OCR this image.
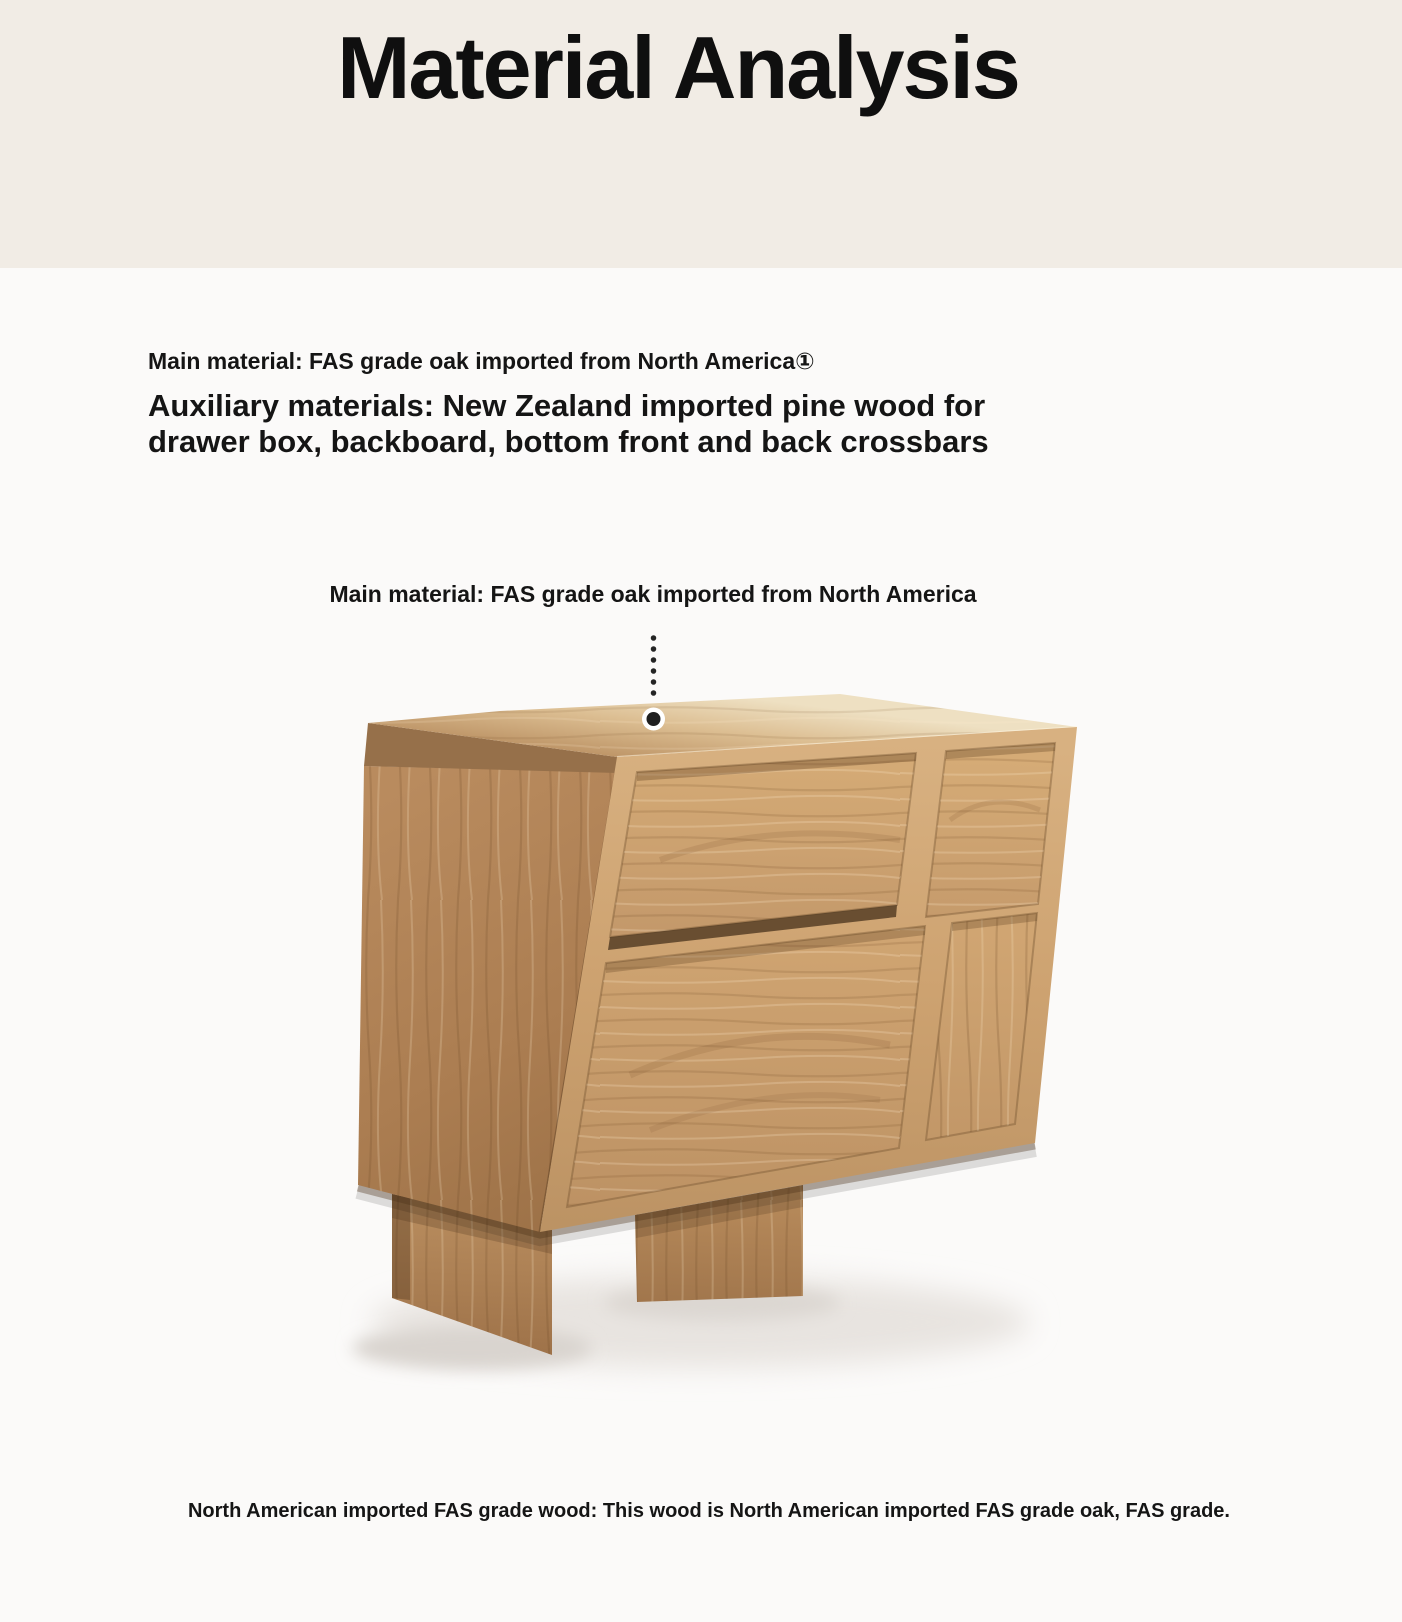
Material Analysis
Main material: FAS grade oak imported from North America①
Auxiliary materials: New Zealand imported pine wood for
drawer box, backboard, bottom front and back crossbars
Main material: FAS grade oak imported from North America
North American imported FAS grade wood: This wood is North American imported FAS grade oak, FAS grade.
